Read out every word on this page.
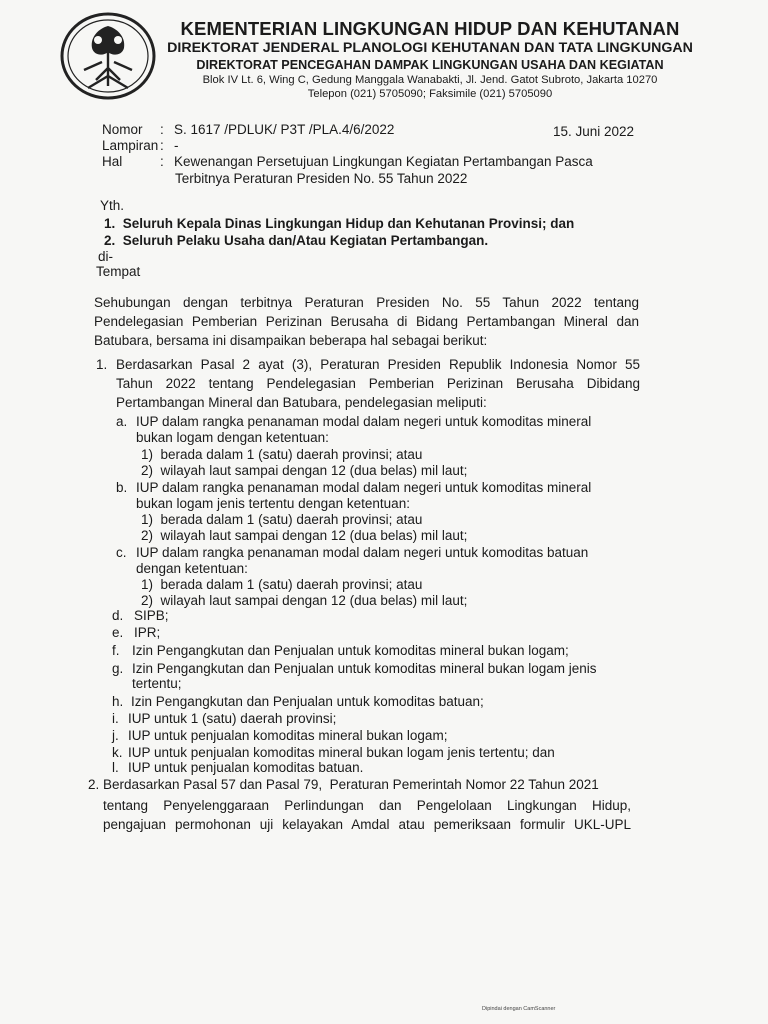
KEMENTERIAN LINGKUNGAN HIDUP DAN KEHUTANAN
DIREKTORAT JENDERAL PLANOLOGI KEHUTANAN DAN TATA LINGKUNGAN
DIREKTORAT PENCEGAHAN DAMPAK LINGKUNGAN USAHA DAN KEGIATAN
Blok IV Lt. 6, Wing C, Gedung Manggala Wanabakti, Jl. Jend. Gatot Subroto, Jakarta 10270
Telepon (021) 5705090; Faksimile (021) 5705090
Nomor : S. 1617 /PDLUK/ P3T /PLA.4/6/2022	15. Juni 2022
Lampiran : -
Hal	: Kewenangan Persetujuan Lingkungan Kegiatan Pertambangan Pasca
Terbitnya Peraturan Presiden No. 55 Tahun 2022
Yth.
1.  Seluruh Kepala Dinas Lingkungan Hidup dan Kehutanan Provinsi; dan
2.  Seluruh Pelaku Usaha dan/Atau Kegiatan Pertambangan.
di-
Tempat
Sehubungan dengan terbitnya Peraturan Presiden No. 55 Tahun 2022 tentang
Pendelegasian Pemberian Perizinan Berusaha di Bidang Pertambangan Mineral dan
Batubara, bersama ini disampaikan beberapa hal sebagai berikut:
1. Berdasarkan Pasal 2 ayat (3), Peraturan Presiden Republik Indonesia Nomor 55
Tahun 2022 tentang Pendelegasian Pemberian Perizinan Berusaha Dibidang
Pertambangan Mineral dan Batubara, pendelegasian meliputi:
a. IUP dalam rangka penanaman modal dalam negeri untuk komoditas mineral
bukan logam dengan ketentuan:
1)  berada dalam 1 (satu) daerah provinsi; atau
2)  wilayah laut sampai dengan 12 (dua belas) mil laut;
b. IUP dalam rangka penanaman modal dalam negeri untuk komoditas mineral
bukan logam jenis tertentu dengan ketentuan:
1)  berada dalam 1 (satu) daerah provinsi; atau
2)  wilayah laut sampai dengan 12 (dua belas) mil laut;
c. IUP dalam rangka penanaman modal dalam negeri untuk komoditas batuan
dengan ketentuan:
1)  berada dalam 1 (satu) daerah provinsi; atau
2)  wilayah laut sampai dengan 12 (dua belas) mil laut;
d. SIPB;
e. IPR;
f. Izin Pengangkutan dan Penjualan untuk komoditas mineral bukan logam;
g. Izin Pengangkutan dan Penjualan untuk komoditas mineral bukan logam jenis
tertentu;
h. Izin Pengangkutan dan Penjualan untuk komoditas batuan;
i. IUP untuk 1 (satu) daerah provinsi;
j. IUP untuk penjualan komoditas mineral bukan logam;
k. IUP untuk penjualan komoditas mineral bukan logam jenis tertentu; dan
l. IUP untuk penjualan komoditas batuan.
2. Berdasarkan Pasal 57 dan Pasal 79,  Peraturan Pemerintah Nomor 22 Tahun 2021
tentang Penyelenggaraan Perlindungan dan Pengelolaan Lingkungan Hidup,
pengajuan permohonan uji kelayakan Amdal atau pemeriksaan formulir UKL-UPL
Dipindai dengan CamScanner
